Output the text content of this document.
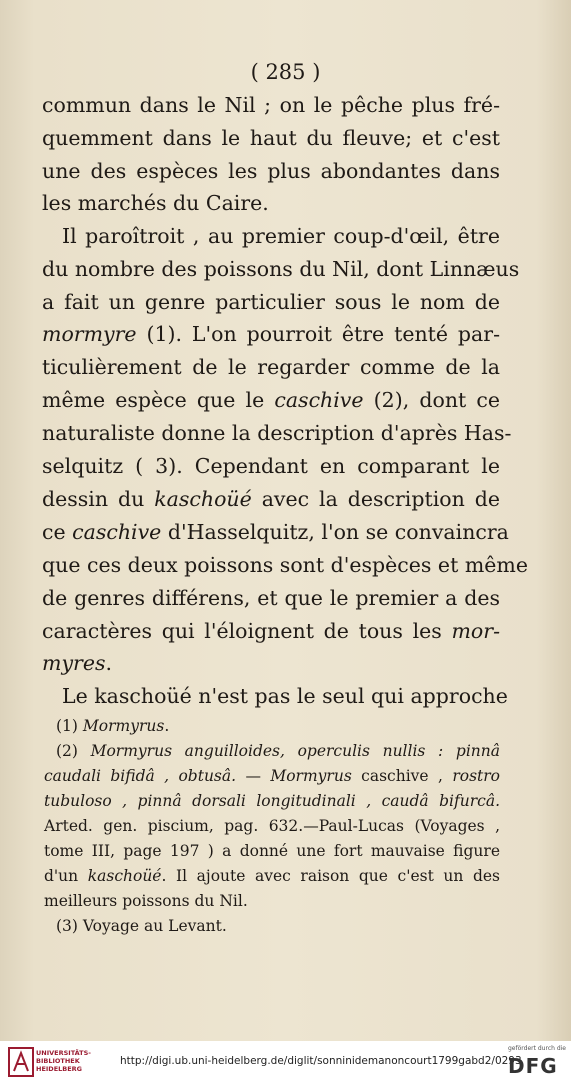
( 285 )
commun dans le Nil ; on le pêche plus fré-
quemment dans le haut du fleuve; et c'est
une des espèces les plus abondantes dans
les marchés du Caire.
Il paroîtroit , au premier coup-d'œil, être
du nombre des poissons du Nil, dont Linnæus
a fait un genre particulier sous le nom de
mormyre (1). L'on pourroit être tenté par-
ticulièrement de le regarder comme de la
même espèce que le caschive (2), dont ce
naturaliste donne la description d'après Has-
selquitz ( 3). Cependant en comparant le
dessin du kaschoüé avec la description de
ce caschive d'Hasselquitz, l'on se convaincra
que ces deux poissons sont d'espèces et même
de genres différens, et que le premier a des
caractères qui l'éloignent de tous les mor-
myres.
Le kaschoüé n'est pas le seul qui approche
(1) Mormyrus.
(2) Mormyrus anguilloides, operculis nullis : pinnâ
caudali bifidâ , obtusâ. — Mormyrus caschive , rostro
tubuloso , pinnâ dorsali longitudinali , caudâ bifurcâ.
Arted. gen. piscium, pag. 632.—Paul-Lucas (Voyages ,
tome III, page 197 ) a donné une fort mauvaise figure
d'un kaschoüé. Il ajoute avec raison que c'est un des
meilleurs poissons du Nil.
(3) Voyage au Levant.
UNIVERSITÄTS-
BIBLIOTHEK
HEIDELBERG
http://digi.ub.uni-heidelberg.de/diglit/sonninidemanoncourt1799gabd2/0293
gefördert durch die
DFG
